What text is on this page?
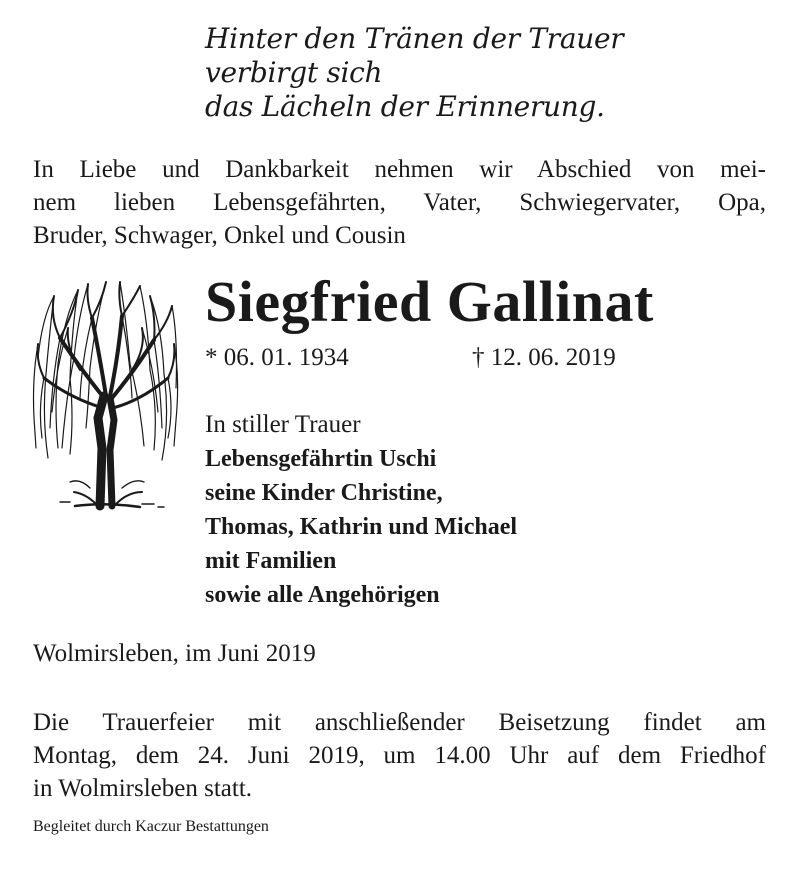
Hinter den Tränen der Trauer
verbirgt sich
das Lächeln der Erinnerung.
In Liebe und Dankbarkeit nehmen wir Abschied von mei-
nem lieben Lebensgefährten, Vater, Schwiegervater, Opa,
Bruder, Schwager, Onkel und Cousin
Siegfried Gallinat
* 06. 01. 1934	† 12. 06. 2019
In stiller Trauer
Lebensgefährtin Uschi
seine Kinder Christine,
Thomas, Kathrin und Michael
mit Familien
sowie alle Angehörigen
Wolmirsleben, im Juni 2019
Die Trauerfeier mit anschließender Beisetzung findet am
Montag, dem 24. Juni 2019, um 14.00 Uhr auf dem Friedhof
in Wolmirsleben statt.
Begleitet durch Kaczur Bestattungen
